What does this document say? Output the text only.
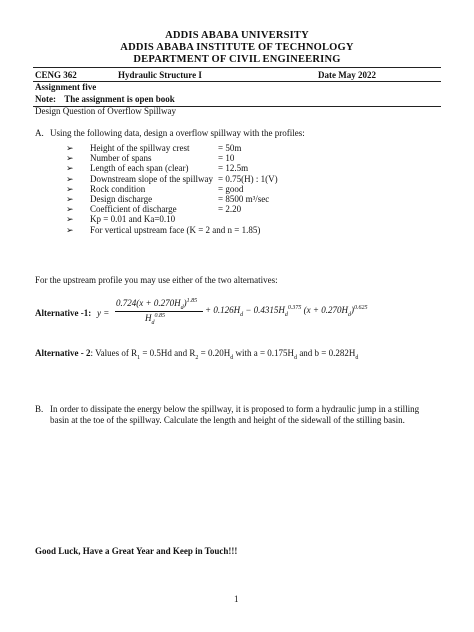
ADDIS ABABA UNIVERSITY
ADDIS ABABA INSTITUTE OF TECHNOLOGY
DEPARTMENT OF CIVIL ENGINEERING
CENG 362	Hydraulic Structure I	Date May 2022
Assignment five
Note: The assignment is open book
Design Question of Overflow Spillway
A. Using the following data, design a overflow spillway with the profiles:
➢ Height of the spillway crest	= 50m
➢ Number of spans	= 10
➢ Length of each span (clear)	= 12.5m
➢ Downstream slope of the spillway = 0.75(H) : 1(V)
➢ Rock condition	= good
➢ Design discharge	= 8500 m³/sec
➢ Coefficient of discharge	= 2.20
➢ Kp = 0.01 and Ka=0.10
➢ For vertical upstream face (K = 2 and n = 1.85)
For the upstream profile you may use either of the two alternatives:
Alternative -1: y =
$0.724(x + 0.270H_d)^{1.85}$
$H_d^{0.85}$
+ $0.126H_d - 0.4315H_d^{0.375}$ $(x + 0.270H_d)^{0.625}$
Alternative - 2: Values of $R_1 = 0.5Hd$ and $R_2 = 0.20H_d$ with $a = 0.175H_d$ and $b = 0.282H_d$
B. In order to dissipate the energy below the spillway, it is proposed to form a hydraulic jump in a stilling
basin at the toe of the spillway. Calculate the length and height of the sidewall of the stilling basin.
Good Luck, Have a Great Year and Keep in Touch!!!
1
